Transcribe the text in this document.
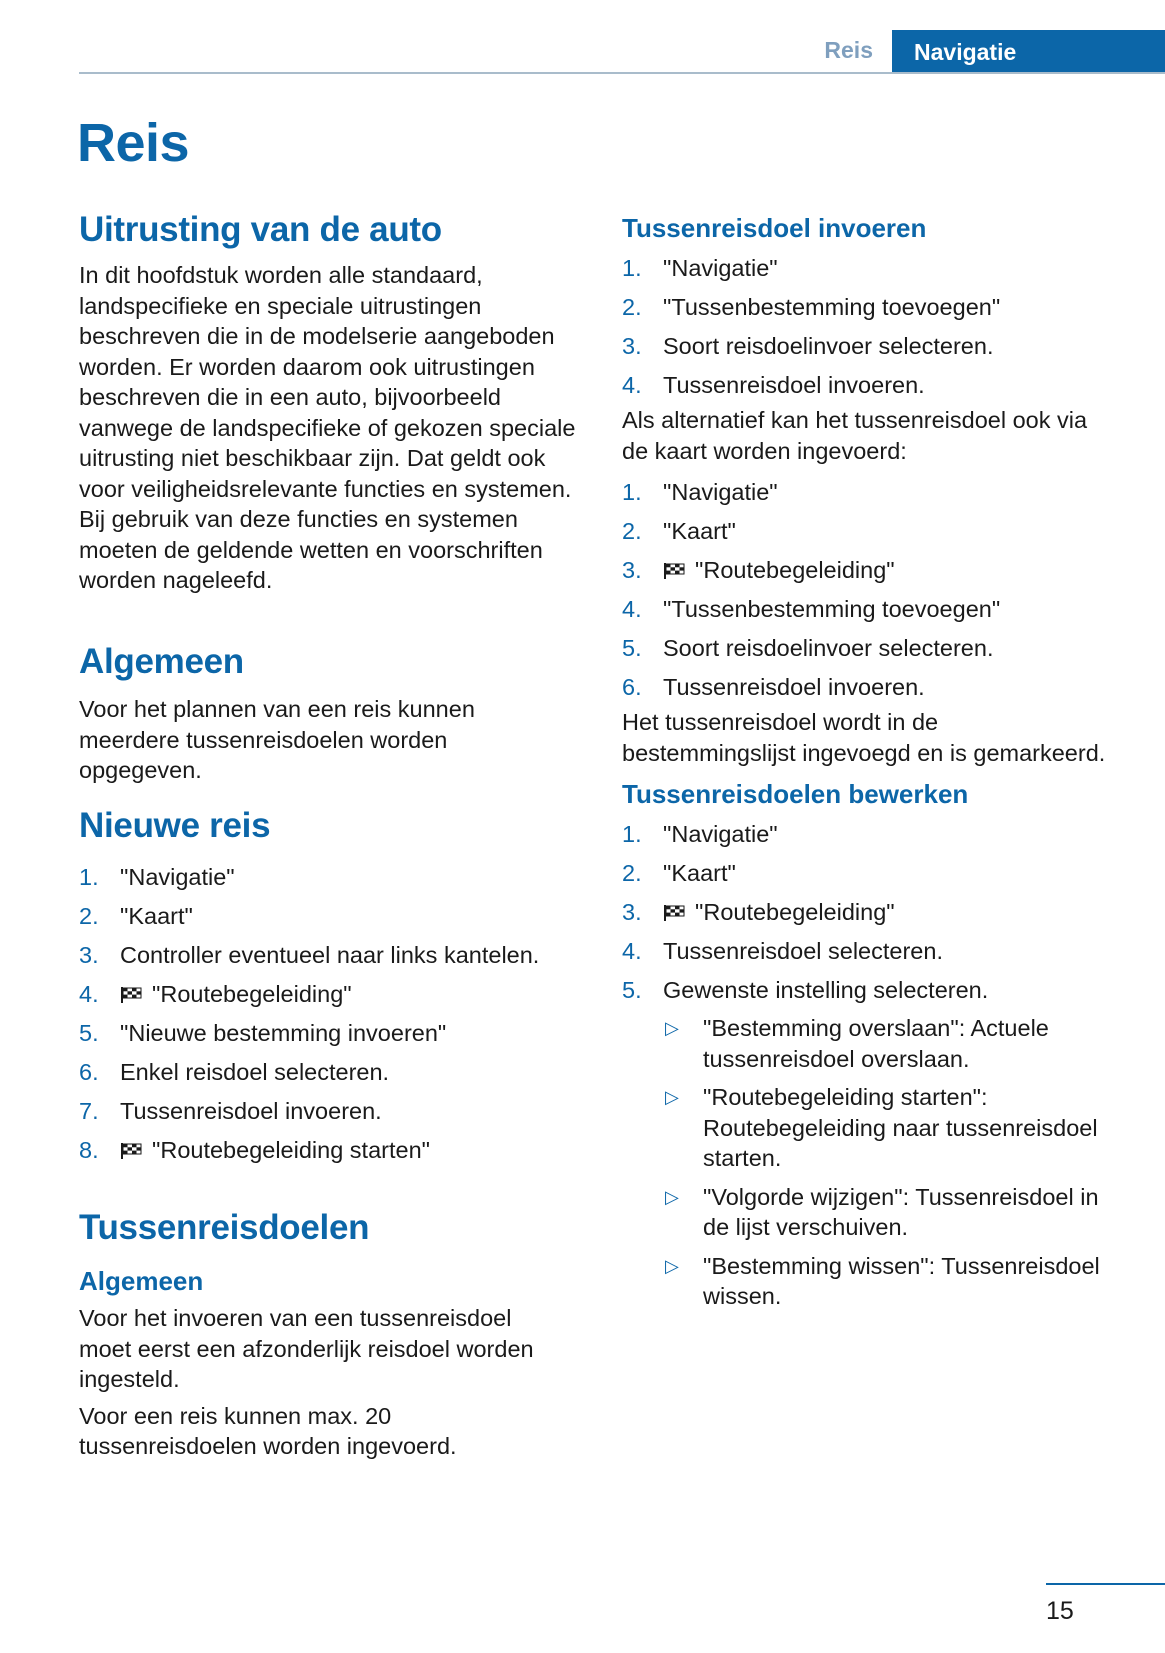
Reis	Navigatie
Reis
Uitrusting van de auto

In dit hoofdstuk worden alle standaard, landspecifieke en speciale uitrustingen beschreven die in de modelserie aangeboden worden. Er worden daarom ook uitrustingen beschreven die in een auto, bijvoorbeeld vanwege de landspecifieke of gekozen speciale uitrusting niet beschikbaar zijn. Dat geldt ook voor veiligheidsrelevante functies en systemen. Bij gebruik van deze functies en systemen moeten de geldende wetten en voorschriften worden nageleefd.

Algemeen

Voor het plannen van een reis kunnen meerdere tussenreisdoelen worden opgegeven.

Nieuwe reis
1. "Navigatie"
2. "Kaart"
3. Controller eventueel naar links kantelen.
4. "Routebegeleiding"
5. "Nieuwe bestemming invoeren"
6. Enkel reisdoel selecteren.
7. Tussenreisdoel invoeren.
8. "Routebegeleiding starten"
Tussenreisdoelen
Algemeen

Voor het invoeren van een tussenreisdoel moet eerst een afzonderlijk reisdoel worden ingesteld.

Voor een reis kunnen max. 20 tussenreisdoelen worden ingevoerd.

Tussenreisdoel invoeren
1. "Navigatie"
2. "Tussenbestemming toevoegen"
3. Soort reisdoelinvoer selecteren.
4. Tussenreisdoel invoeren.

Als alternatief kan het tussenreisdoel ook via de kaart worden ingevoerd:

1. "Navigatie"
2. "Kaart"
3. "Routebegeleiding"
4. "Tussenbestemming toevoegen"
5. Soort reisdoelinvoer selecteren.
6. Tussenreisdoel invoeren.

Het tussenreisdoel wordt in de bestemmingslijst ingevoegd en is gemarkeerd.

Tussenreisdoelen bewerken
1. "Navigatie"
2. "Kaart"
3. "Routebegeleiding"
4. Tussenreisdoel selecteren.
5. Gewenste instelling selecteren.
▷ "Bestemming overslaan": Actuele tussenreisdoel overslaan.
▷ "Routebegeleiding starten": Routebegeleiding naar tussenreisdoel starten.
▷ "Volgorde wijzigen": Tussenreisdoel in de lijst verschuiven.
▷ "Bestemming wissen": Tussenreisdoel wissen.
15
